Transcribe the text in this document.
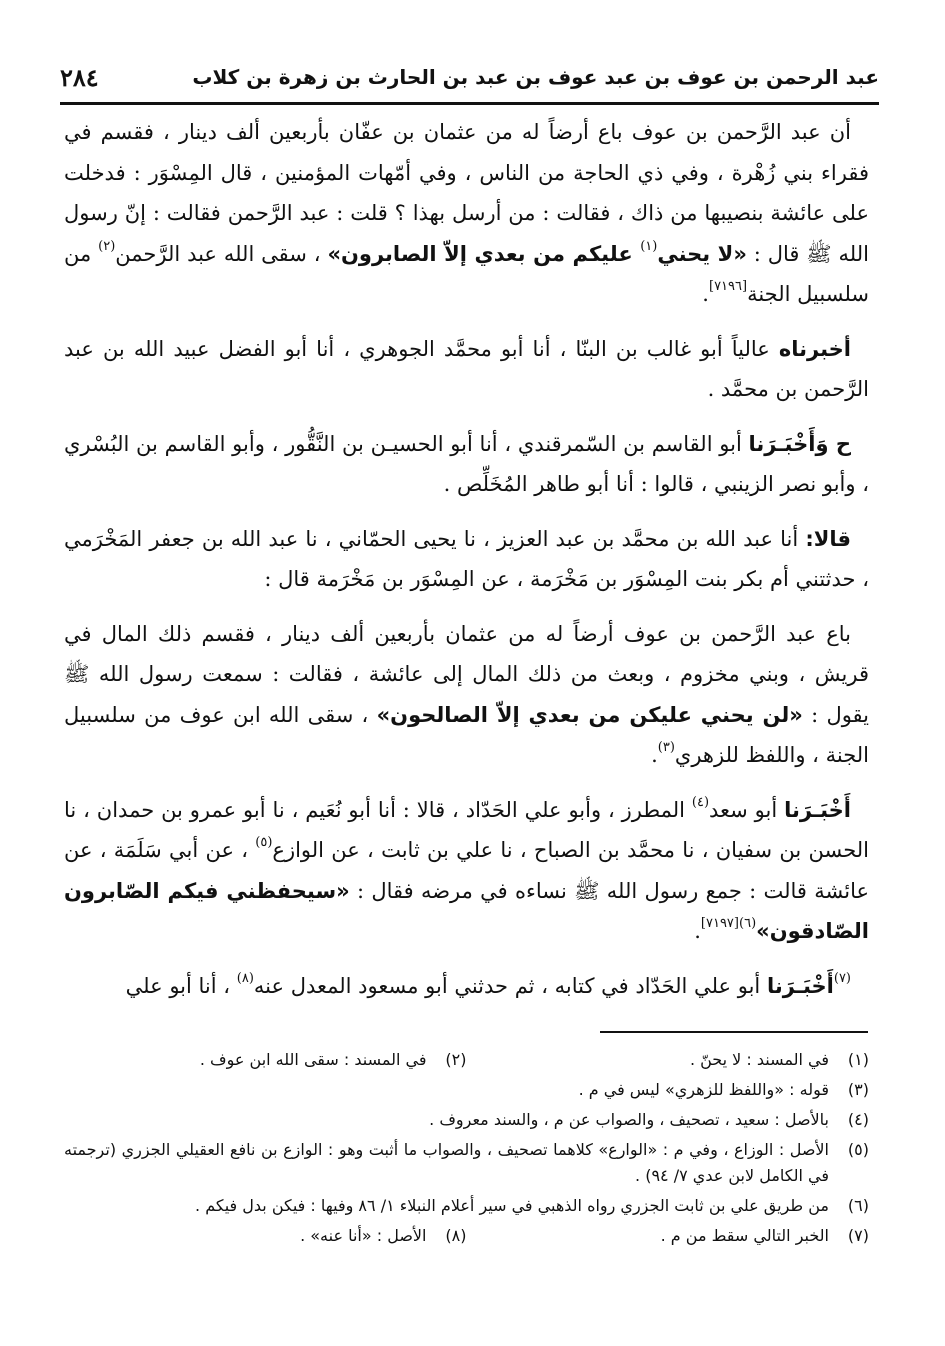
عبد الرحمن بن عوف بن عبد عوف بن عبد بن الحارث بن زهرة بن كلاب
٢٨٤

أن عبد الرَّحمن بن عوف باع أرضاً له من عثمان بن عفّان بأربعين ألف دينار ، فقسم في فقراء بني زُهْرة ، وفي ذي الحاجة من الناس ، وفي أمّهات المؤمنين ، قال المِسْوَر : فدخلت على عائشة بنصيبها من ذاك ، فقالت : من أرسل بهذا ؟ قلت : عبد الرَّحمن فقالت : إنّ رسول الله ﷺ قال : «لا يحني$^{(١)}$ عليكم من بعدي إلاّ الصابرون» ، سقى الله عبد الرَّحمن$^{(٢)}$ من سلسبيل الجنة[٧١٩٦].

أخبرناه عالياً أبو غالب بن البنّا ، أنا أبو محمَّد الجوهري ، أنا أبو الفضل عبيد الله بن عبد الرَّحمن بن محمَّد .

ح وَأَخْبَـرَنا أبو القاسم بن السّمرقندي ، أنا أبو الحسيـن بن النَّقُّور ، وأبو القاسم بن البُسْري ، وأبو نصر الزينبي ، قالوا : أنا أبو طاهر المُخَلِّص .

قالا: أنا عبد الله بن محمَّد بن عبد العزيز ، نا يحيى الحمّاني ، نا عبد الله بن جعفر المَخْرَمي ، حدثتني أم بكر بنت المِسْوَر بن مَخْرَمة ، عن المِسْوَر بن مَخْرَمة قال :

باع عبد الرَّحمن بن عوف أرضاً له من عثمان بأربعين ألف دينار ، فقسم ذلك المال في قريش ، وبني مخزوم ، وبعث من ذلك المال إلى عائشة ، فقالت : سمعت رسول الله ﷺ يقول : «لن يحني عليكن من بعدي إلاّ الصالحون» ، سقى الله ابن عوف من سلسبيل الجنة ، واللفظ للزهري$^{(٣)}$.

أَخْبَـرَنا أبو سعد$^{(٤)}$ المطرز ، وأبو علي الحَدّاد ، قالا : أنا أبو نُعَيم ، نا أبو عمرو بن حمدان ، نا الحسن بن سفيان ، نا محمَّد بن الصباح ، نا علي بن ثابت ، عن الوازع$^{(٥)}$ ، عن أبي سَلَمَة ، عن عائشة قالت : جمع رسول الله ﷺ نساءه في مرضه فقال : «سيحفظني فيكم الصّابرون الصّادقون»$^{(٦)[٧١٩٧]}$.

$^{(٧)}$أَخْبَـرَنا أبو علي الحَدّاد في كتابه ، ثم حدثني أبو مسعود المعدل عنه$^{(٨)}$ ، أنا أبو علي

(١)
في المسند : لا يحنّ .
(٢)
في المسند : سقى الله ابن عوف .
(٣)
قوله : «واللفظ للزهري» ليس في م .
(٤)
بالأصل : سعيد ، تصحيف ، والصواب عن م ، والسند معروف .
(٥)
الأصل : الوزاع ، وفي م : «الوارع» كلاهما تصحيف ، والصواب ما أثبت وهو : الوازع بن نافع العقيلي الجزري (ترجمته في الكامل لابن عدي ٧/ ٩٤) .
(٦)
من طريق علي بن ثابت الجزري رواه الذهبي في سير أعلام النبلاء ١/ ٨٦ وفيها : فيكن بدل فيكم .
(٧)
الخبر التالي سقط من م .
(٨)
الأصل : «أنا عنه» .
